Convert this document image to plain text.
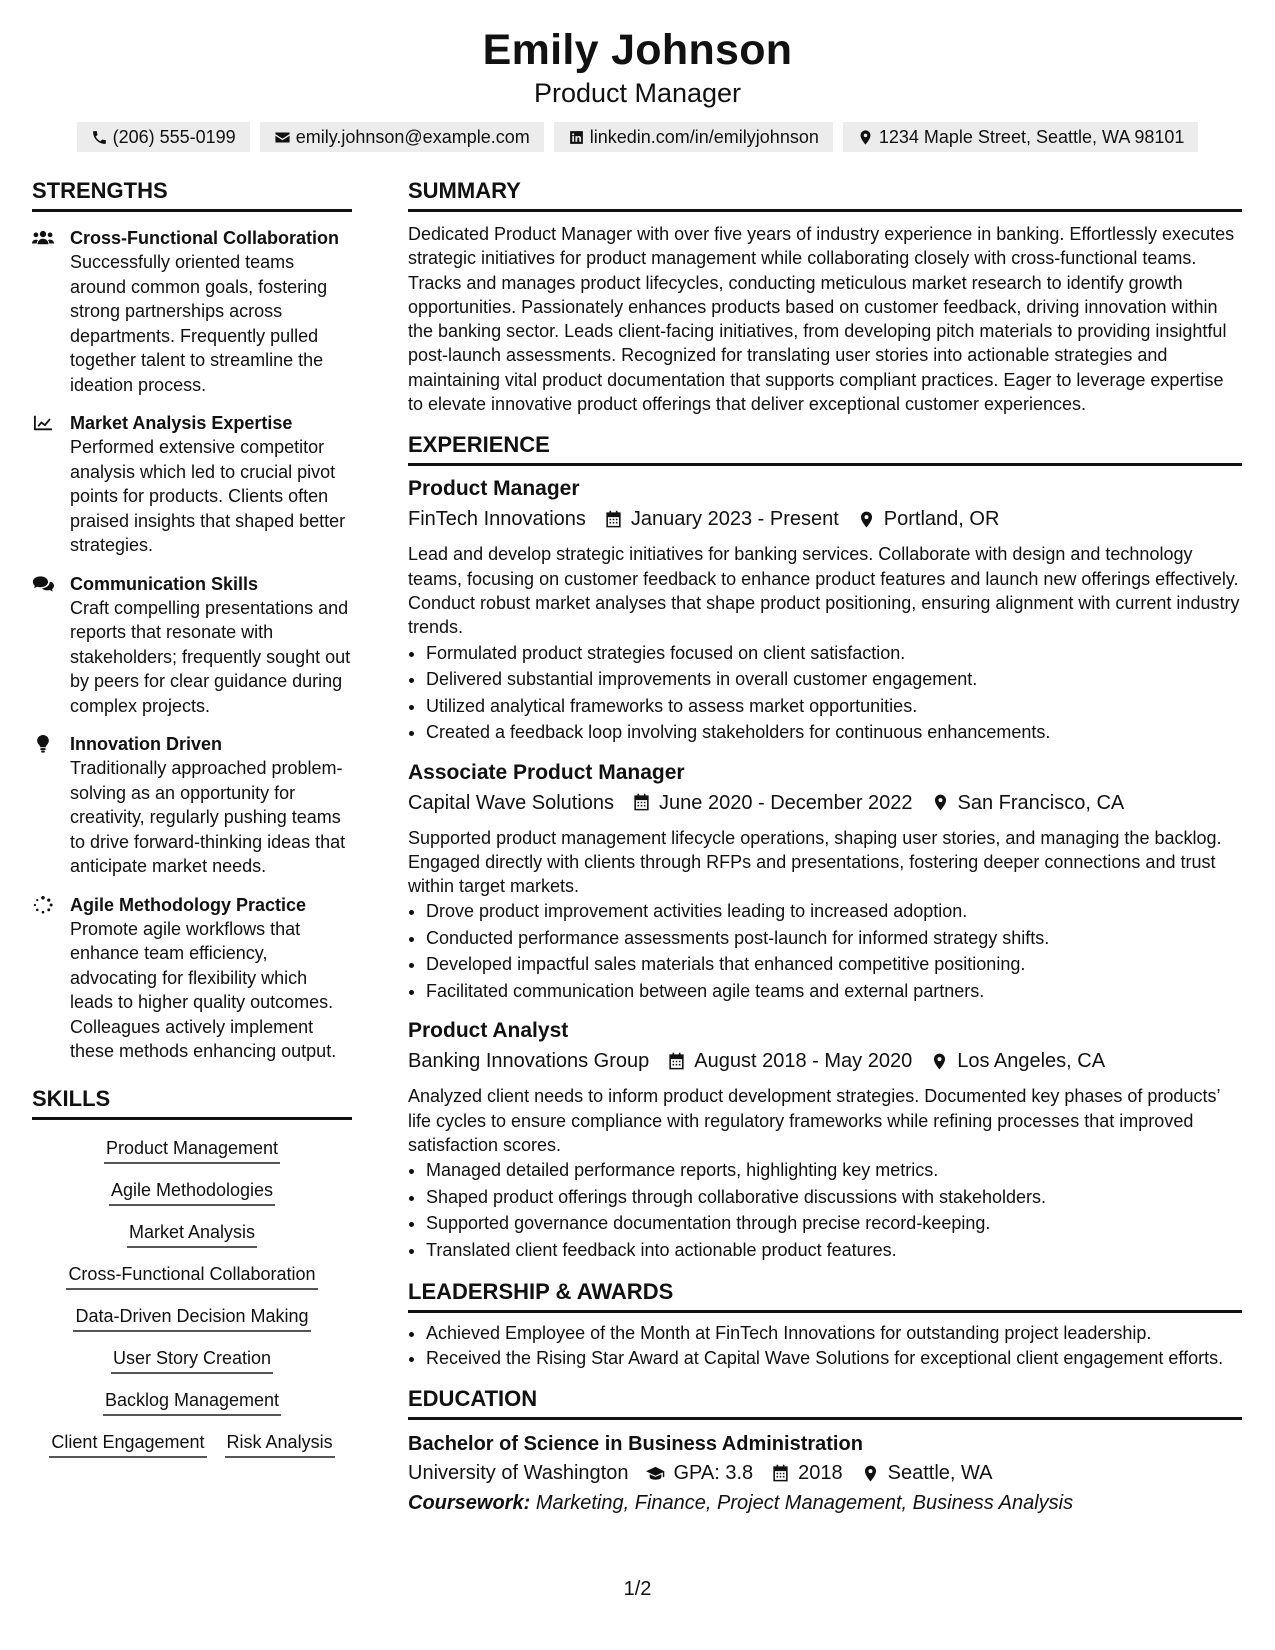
Emily Johnson
Product Manager
(206) 555-0199	emily.johnson@example.com	linkedin.com/in/emilyjohnson	1234 Maple Street, Seattle, WA 98101
STRENGTHS
Cross-Functional Collaboration
Successfully oriented teams around common goals, fostering strong partnerships across departments. Frequently pulled together talent to streamline the ideation process.
Market Analysis Expertise
Performed extensive competitor analysis which led to crucial pivot points for products. Clients often praised insights that shaped better strategies.
Communication Skills
Craft compelling presentations and reports that resonate with stakeholders; frequently sought out by peers for clear guidance during complex projects.
Innovation Driven
Traditionally approached problem-solving as an opportunity for creativity, regularly pushing teams to drive forward-thinking ideas that anticipate market needs.
Agile Methodology Practice
Promote agile workflows that enhance team efficiency, advocating for flexibility which leads to higher quality outcomes. Colleagues actively implement these methods enhancing output.
SKILLS
Product Management
Agile Methodologies
Market Analysis
Cross-Functional Collaboration
Data-Driven Decision Making
User Story Creation
Backlog Management
Client Engagement Risk Analysis
SUMMARY

Dedicated Product Manager with over five years of industry experience in banking. Effortlessly executes strategic initiatives for product management while collaborating closely with cross-functional teams. Tracks and manages product lifecycles, conducting meticulous market research to identify growth opportunities. Passionately enhances products based on customer feedback, driving innovation within the banking sector. Leads client-facing initiatives, from developing pitch materials to providing insightful post-launch assessments. Recognized for translating user stories into actionable strategies and maintaining vital product documentation that supports compliant practices. Eager to leverage expertise to elevate innovative product offerings that deliver exceptional customer experiences.

EXPERIENCE
Product Manager
FinTech Innovations January 2023 - Present Portland, OR
Lead and develop strategic initiatives for banking services. Collaborate with design and technology teams, focusing on customer feedback to enhance product features and launch new offerings effectively. Conduct robust market analyses that shape product positioning, ensuring alignment with current industry trends.
• Formulated product strategies focused on client satisfaction.
• Delivered substantial improvements in overall customer engagement.
• Utilized analytical frameworks to assess market opportunities.
• Created a feedback loop involving stakeholders for continuous enhancements.
Associate Product Manager
Capital Wave Solutions June 2020 - December 2022 San Francisco, CA
Supported product management lifecycle operations, shaping user stories, and managing the backlog. Engaged directly with clients through RFPs and presentations, fostering deeper connections and trust within target markets.
• Drove product improvement activities leading to increased adoption.
• Conducted performance assessments post-launch for informed strategy shifts.
• Developed impactful sales materials that enhanced competitive positioning.
• Facilitated communication between agile teams and external partners.
Product Analyst
Banking Innovations Group August 2018 - May 2020 Los Angeles, CA
Analyzed client needs to inform product development strategies. Documented key phases of products’ life cycles to ensure compliance with regulatory frameworks while refining processes that improved satisfaction scores.
• Managed detailed performance reports, highlighting key metrics.
• Shaped product offerings through collaborative discussions with stakeholders.
• Supported governance documentation through precise record-keeping.
• Translated client feedback into actionable product features.
LEADERSHIP & AWARDS
• Achieved Employee of the Month at FinTech Innovations for outstanding project leadership.
• Received the Rising Star Award at Capital Wave Solutions for exceptional client engagement efforts.
EDUCATION
Bachelor of Science in Business Administration
University of Washington GPA: 3.8 2018 Seattle, WA
Coursework: Marketing, Finance, Project Management, Business Analysis
1/2
